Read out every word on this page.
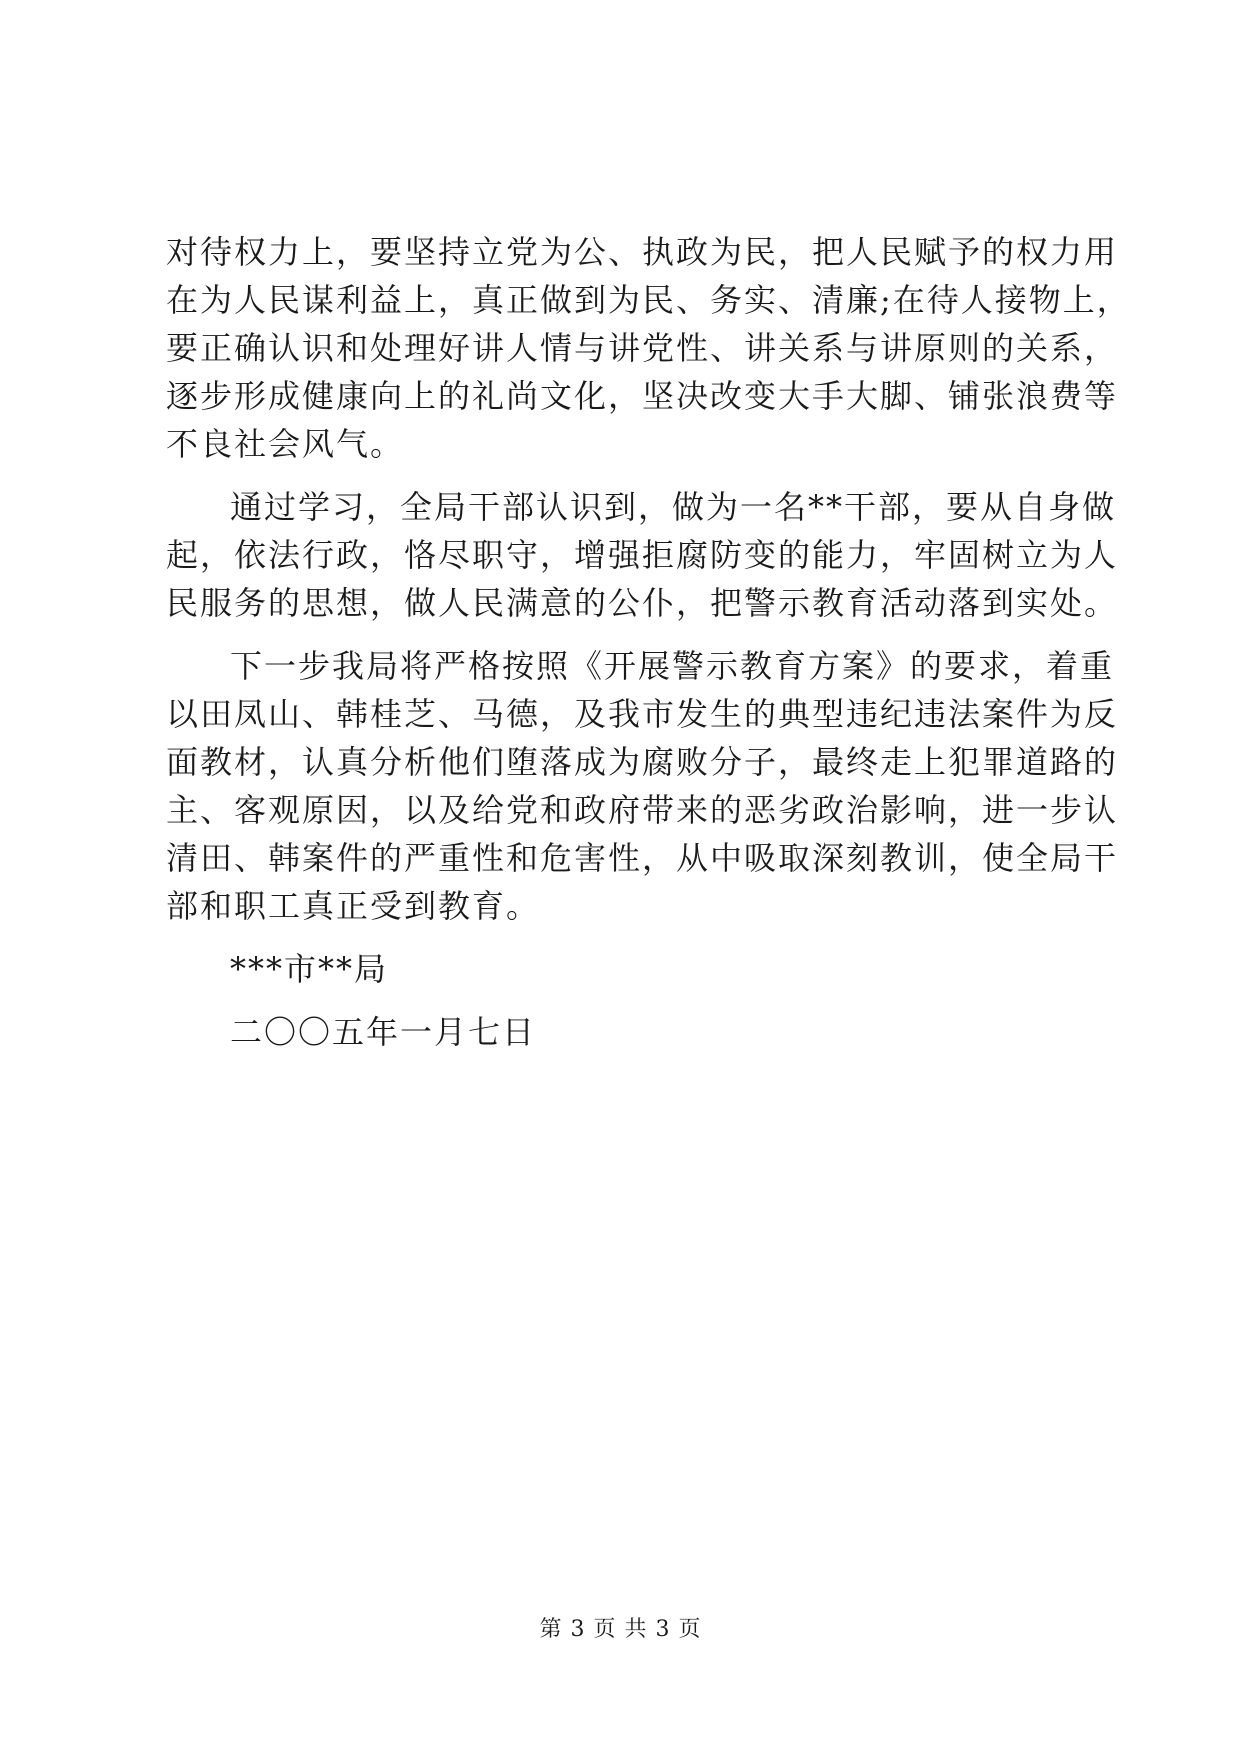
对待权力上，要坚持立党为公、执政为民，把人民赋予的权力用
在为人民谋利益上，真正做到为民、务实、清廉;在待人接物上，
要正确认识和处理好讲人情与讲党性、讲关系与讲原则的关系，
逐步形成健康向上的礼尚文化，坚决改变大手大脚、铺张浪费等
不良社会风气。
通过学习，全局干部认识到，做为一名**干部，要从自身做
起，依法行政，恪尽职守，增强拒腐防变的能力，牢固树立为人
民服务的思想，做人民满意的公仆，把警示教育活动落到实处。
下一步我局将严格按照《开展警示教育方案》的要求，着重
以田凤山、韩桂芝、马德，及我市发生的典型违纪违法案件为反
面教材，认真分析他们堕落成为腐败分子，最终走上犯罪道路的
主、客观原因，以及给党和政府带来的恶劣政治影响，进一步认
清田、韩案件的严重性和危害性，从中吸取深刻教训，使全局干
部和职工真正受到教育。
***市**局
二〇〇五年一月七日
第 3 页 共 3 页
